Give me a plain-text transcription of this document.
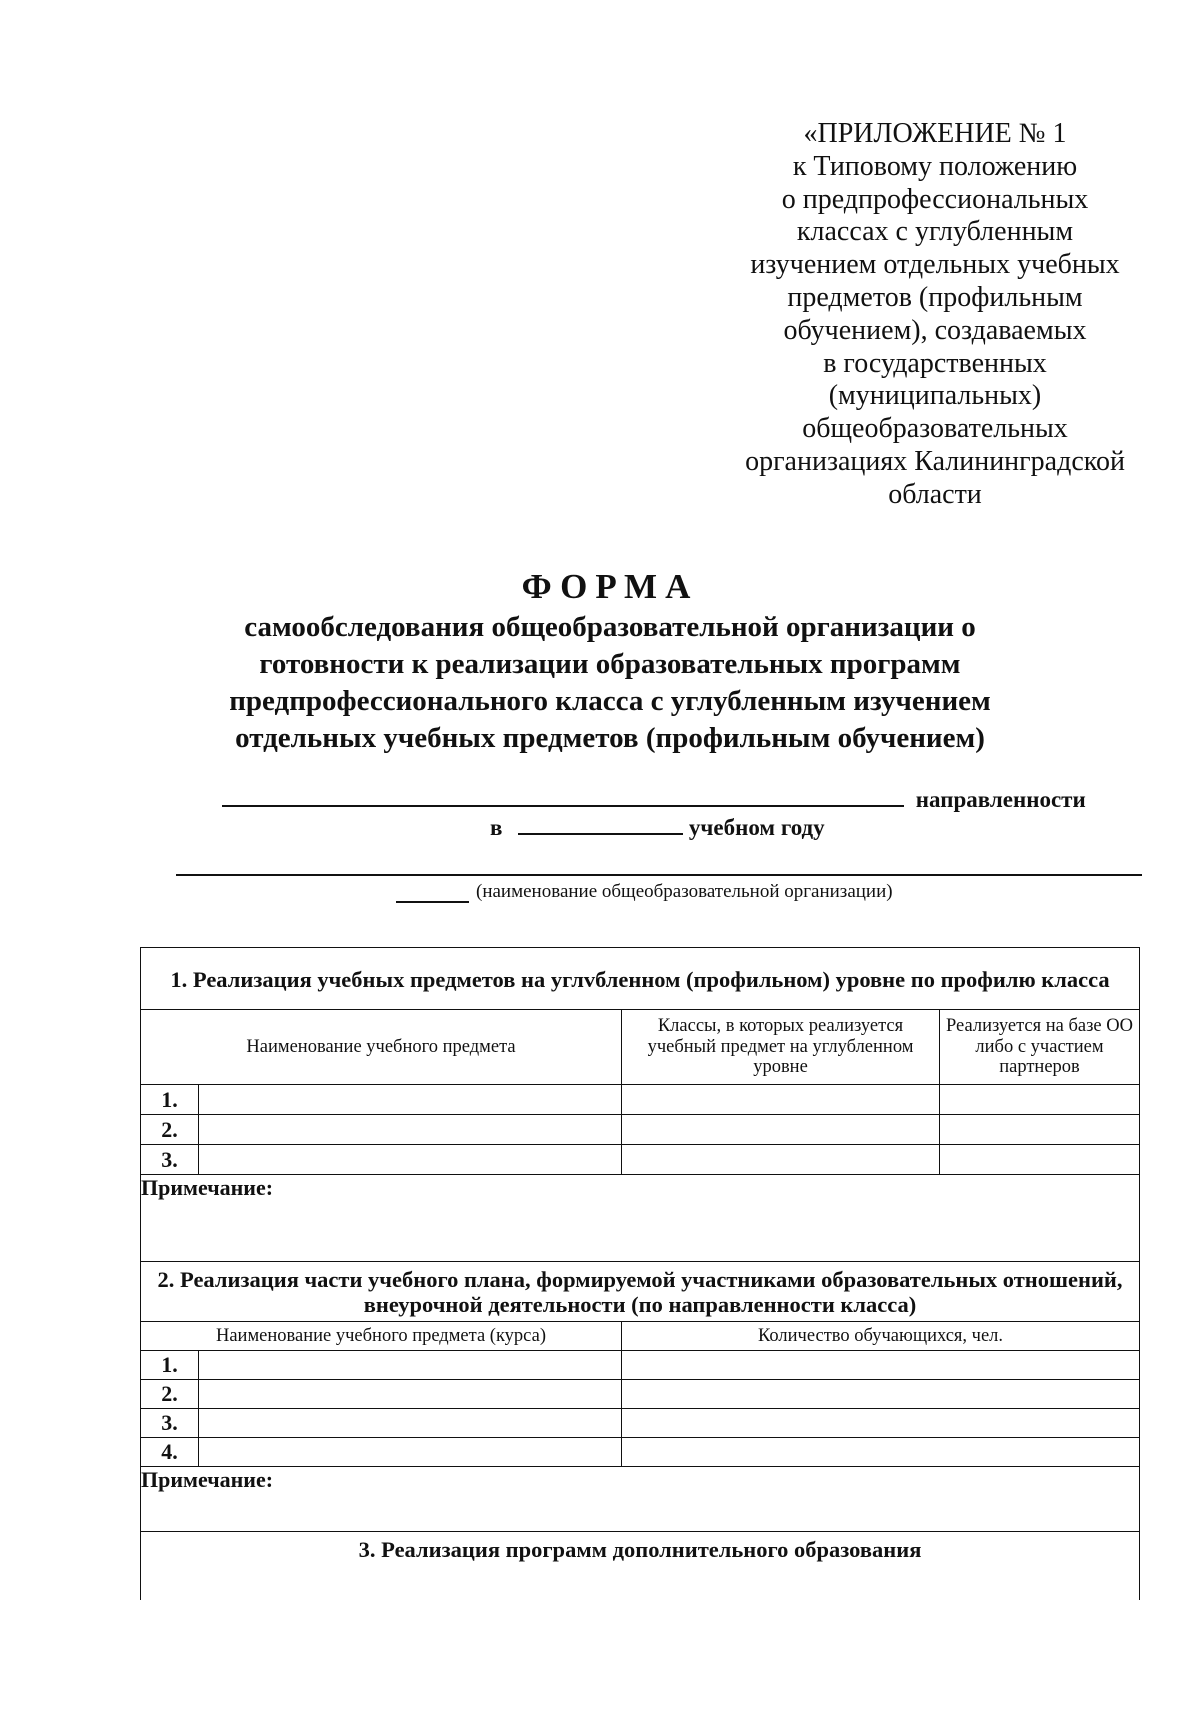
«ПРИЛОЖЕНИЕ № 1
к Типовому положению
о предпрофессиональных
классах с углубленным
изучением отдельных учебных
предметов (профильным
обучением), создаваемых
в государственных
(муниципальных)
общеобразовательных
организациях Калининградской
области
ФОРМА
самообследования общеобразовательной организации о
готовности к реализации образовательных программ
предпрофессионального класса с углубленным изучением
отдельных учебных предметов (профильным обучением)
направленности
в	учебном году
(наименование общеобразовательной организации)
1. Реализация учебных предметов на углvбленном (профильном) уровне по профилю класса			
Наименование учебного предмета		Классы, в которых реализуется учебный предмет на углубленном уровне	Реализуется на базе ОО либо с участием партнеров
1.			
2.			
3.			
Примечание:			
2. Реализация части учебного плана, формируемой участниками образовательных отношений, внеурочной деятельности (по направленности класса)			
Наименование учебного предмета (курса)		Количество обучающихся, чел.	
1.			
2.			
3.			
4.			
Примечание:			
3. Реализация программ дополнительного образования			
